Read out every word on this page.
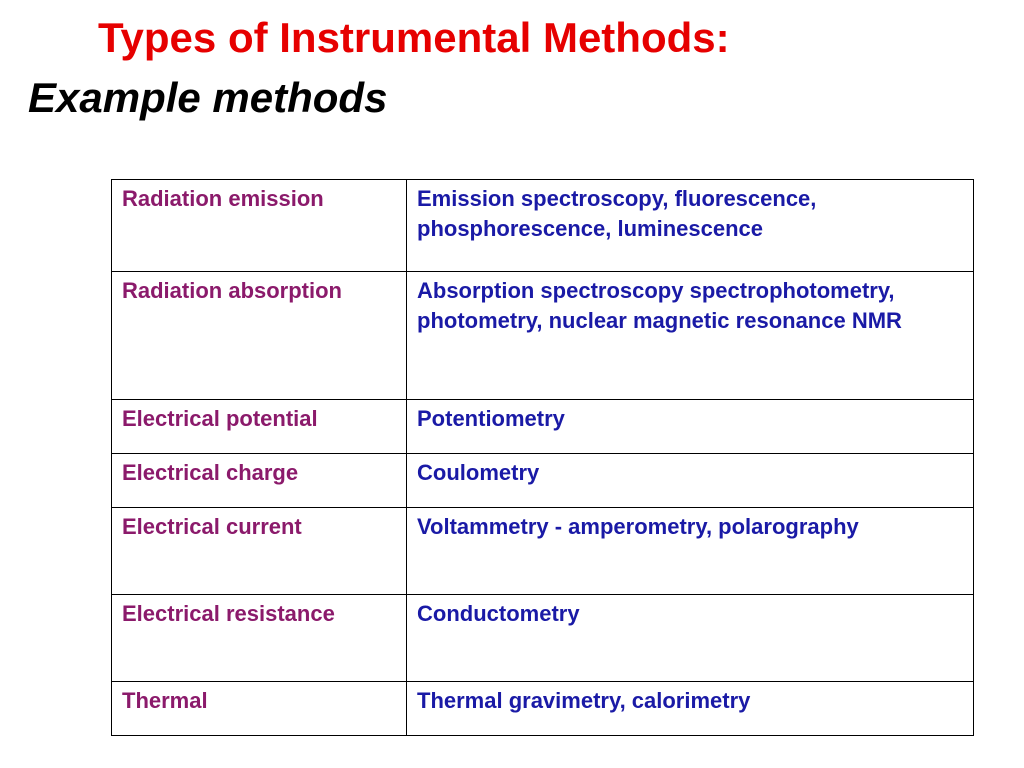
Types of Instrumental Methods:
Example methods
Radiation emission	Emission spectroscopy, fluorescence, phosphorescence, luminescence
Radiation absorption	Absorption spectroscopy spectrophotometry, photometry, nuclear magnetic resonance NMR
Electrical potential	Potentiometry
Electrical charge	Coulometry
Electrical current	Voltammetry - amperometry, polarography
Electrical resistance	Conductometry
Thermal	Thermal gravimetry, calorimetry
